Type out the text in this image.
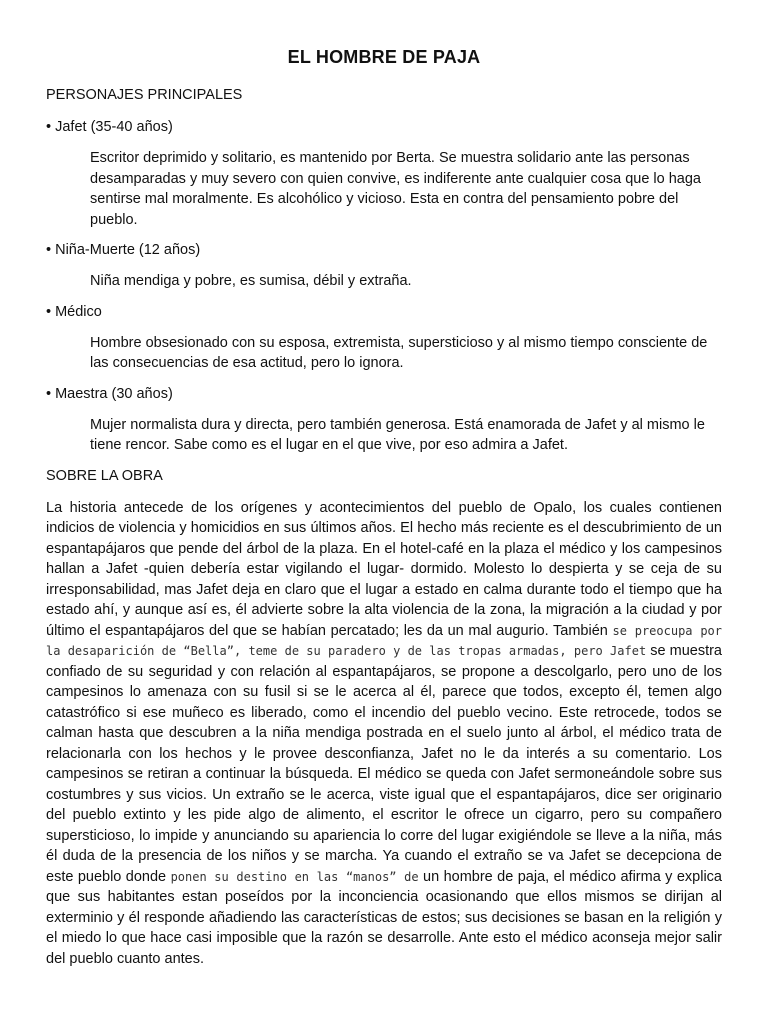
EL HOMBRE DE PAJA

PERSONAJES PRINCIPALES

• Jafet (35-40 años)

Escritor deprimido y solitario, es mantenido por Berta. Se muestra solidario ante las personas desamparadas y muy severo con quien convive, es indiferente ante cualquier cosa que lo haga sentirse mal moralmente. Es alcohólico y vicioso. Esta en contra del pensamiento pobre del pueblo.

• Niña-Muerte (12 años)

Niña mendiga y pobre, es sumisa, débil y extraña.

• Médico

Hombre obsesionado con su esposa, extremista, supersticioso y al mismo tiempo consciente de las consecuencias de esa actitud, pero lo ignora.

• Maestra (30 años)

Mujer normalista dura y directa, pero también generosa. Está enamorada de Jafet y al mismo le tiene rencor. Sabe como es el lugar en el que vive, por eso admira a Jafet.

SOBRE LA OBRA

La historia antecede de los orígenes y acontecimientos del pueblo de Opalo, los cuales contienen indicios de violencia y homicidios en sus últimos años. El hecho más reciente es el descubrimiento de un espantapájaros que pende del árbol de la plaza. En el hotel-café en la plaza el médico y los campesinos hallan a Jafet -quien debería estar vigilando el lugar- dormido. Molesto lo despierta y se ceja de su irresponsabilidad, mas Jafet deja en claro que el lugar a estado en calma durante todo el tiempo que ha estado ahí, y aunque así es, él advierte sobre la alta violencia de la zona, la migración a la ciudad y por último el espantapájaros del que se habían percatado; les da un mal augurio. También se preocupa por la desaparición de “Bella”, teme de su paradero y de las tropas armadas, pero Jafet se muestra confiado de su seguridad y con relación al espantapájaros, se propone a descolgarlo, pero uno de los campesinos lo amenaza con su fusil si se le acerca al él, parece que todos, excepto él, temen algo catastrófico si ese muñeco es liberado, como el incendio del pueblo vecino. Este retrocede, todos se calman hasta que descubren a la niña mendiga postrada en el suelo junto al árbol, el médico trata de relacionarla con los hechos y le provee desconfianza, Jafet no le da interés a su comentario. Los campesinos se retiran a continuar la búsqueda. El médico se queda con Jafet sermoneándole sobre sus costumbres y sus vicios. Un extraño se le acerca, viste igual que el espantapájaros, dice ser originario del pueblo extinto y les pide algo de alimento, el escritor le ofrece un cigarro, pero su compañero supersticioso, lo impide y anunciando su apariencia lo corre del lugar exigiéndole se lleve a la niña, más él duda de la presencia de los niños y se marcha. Ya cuando el extraño se va Jafet se decepciona de este pueblo donde ponen su destino en las “manos” de un hombre de paja, el médico afirma y explica que sus habitantes estan poseídos por la inconciencia ocasionando que ellos mismos se dirijan al exterminio y él responde añadiendo las características de estos; sus decisiones se basan en la religión y el miedo lo que hace casi imposible que la razón se desarrolle. Ante esto el médico aconseja mejor salir del pueblo cuanto antes.
